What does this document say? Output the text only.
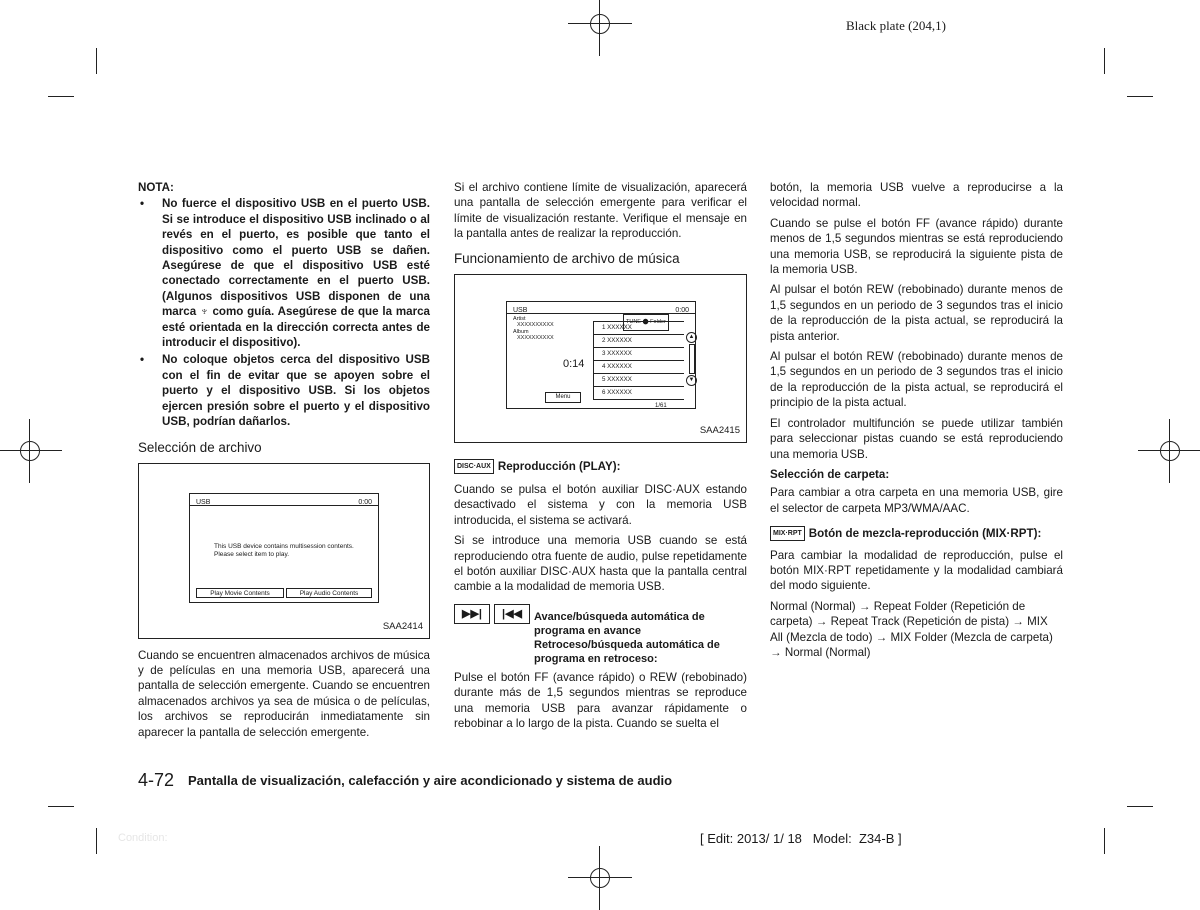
Black plate (204,1)
NOTA:
•	No fuerce el dispositivo USB en el puerto USB. Si se introduce el dispositivo USB inclinado o al revés en el puerto, es posible que tanto el dispositivo como el puerto USB se dañen. Asegúrese de que el dispositivo USB esté conectado correctamente en el puerto USB. (Algunos dispositivos USB disponen de una marca ♆ como guía. Asegúrese de que la marca esté orientada en la dirección correcta antes de introducir el dispositivo).
•	No coloque objetos cerca del dispositivo USB con el fin de evitar que se apoyen sobre el puerto y el dispositivo USB. Si los objetos ejercen presión sobre el puerto y el dispositivo USB, podrían dañarlos.
Selección de archivo
USB	0:00
This USB device contains multisession contents.
Please select item to play.
Play Movie Contents	Play Audio Contents
SAA2414

Cuando se encuentren almacenados archivos de música y de películas en una memoria USB, aparecerá una pantalla de selección emergente. Cuando se encuentren almacenados archivos ya sea de música o de películas, los archivos se reproducirán inmediatamente sin aparecer la pantalla de selección emergente.

Si el archivo contiene límite de visualización, aparecerá una pantalla de selección emergente para verificar el límite de visualización restante. Verifique el mensaje en la pantalla antes de realizar la reproducción.

Funcionamiento de archivo de música
USB	0:00
TUNE ⬤ Folder
Artist
XXXXXXXXXX
Album
XXXXXXXXXX
0:14
1 XXXXXX
2 XXXXXX
3 XXXXXX
4 XXXXXX
5 XXXXXX
6 XXXXXX
▲
▼
Menu
1/61
SAA2415
DISC·AUX Reproducción (PLAY):

Cuando se pulsa el botón auxiliar DISC·AUX estando desactivado el sistema y con la memoria USB introducida, el sistema se activará.

Si se introduce una memoria USB cuando se está reproduciendo otra fuente de audio, pulse repetidamente el botón auxiliar DISC·AUX hasta que la pantalla central cambie a la modalidad de memoria USB.

▶▶|	|◀◀	Avance/búsqueda automática de programa en avance Retroceso/búsqueda automática de programa en retroceso:

Pulse el botón FF (avance rápido) o REW (rebobinado) durante más de 1,5 segundos mientras se reproduce una memoria USB para avanzar rápidamente o rebobinar a lo largo de la pista. Cuando se suelta el

botón, la memoria USB vuelve a reproducirse a la velocidad normal.

Cuando se pulse el botón FF (avance rápido) durante menos de 1,5 segundos mientras se está reproduciendo una memoria USB, se reproducirá la siguiente pista de la memoria USB.

Al pulsar el botón REW (rebobinado) durante menos de 1,5 segundos en un periodo de 3 segundos tras el inicio de la reproducción de la pista actual, se reproducirá la pista anterior.

Al pulsar el botón REW (rebobinado) durante menos de 1,5 segundos en un periodo de 3 segundos tras el inicio de la reproducción de la pista actual, se reproducirá el principio de la pista actual.

El controlador multifunción se puede utilizar también para seleccionar pistas cuando se está reproduciendo una memoria USB.

Selección de carpeta:

Para cambiar a otra carpeta en una memoria USB, gire el selector de carpeta MP3/WMA/AAC.

MIX·RPT Botón de mezcla-reproducción (MIX·RPT):

Para cambiar la modalidad de reproducción, pulse el botón MIX·RPT repetidamente y la modalidad cambiará del modo siguiente.

Normal (Normal) → Repeat Folder (Repetición de carpeta) → Repeat Track (Repetición de pista) → MIX All (Mezcla de todo) → MIX Folder (Mezcla de carpeta) → Normal (Normal)

4-72 Pantalla de visualización, calefacción y aire acondicionado y sistema de audio
Condition:	[ Edit: 2013/ 1/ 18   Model:  Z34-B ]
